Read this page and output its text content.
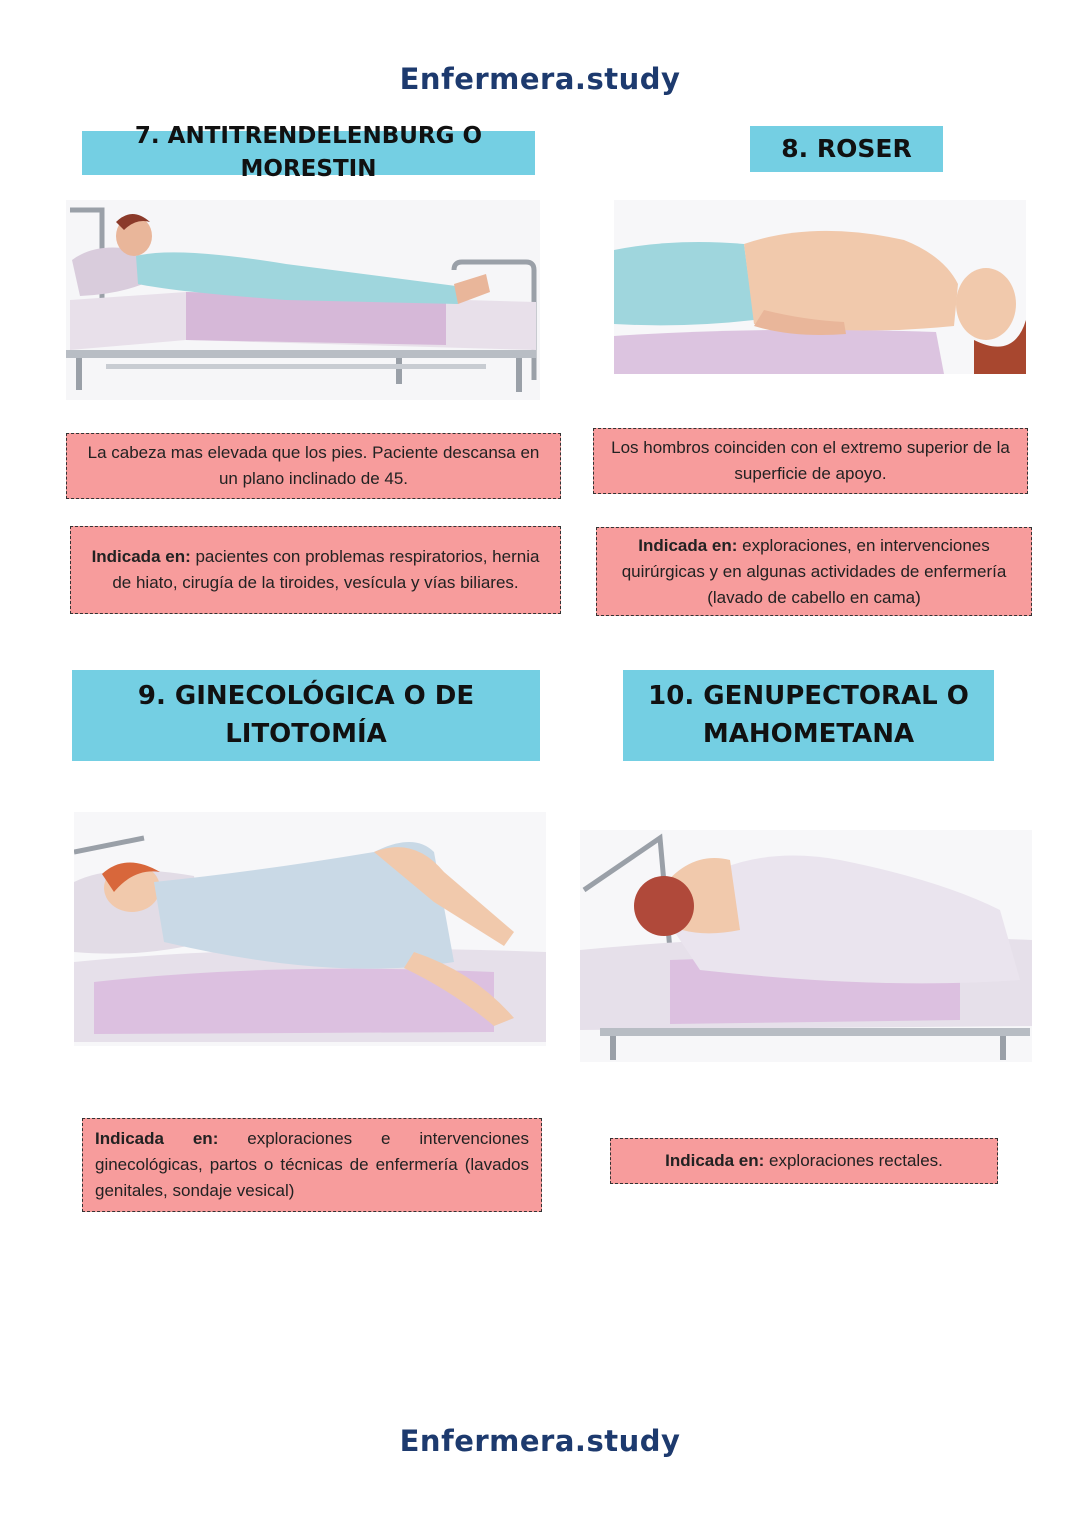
Enfermera.study
7. ANTITRENDELENBURG O MORESTIN
8. ROSER
La cabeza mas elevada que los pies. Paciente descansa en un plano inclinado de 45.
Los hombros coinciden con el extremo superior de la superficie de apoyo.
Indicada en: pacientes con problemas respiratorios, hernia de hiato, cirugía de la tiroides, vesícula y vías biliares.
Indicada en: exploraciones, en intervenciones quirúrgicas y en algunas actividades de enfermería (lavado de cabello en cama)
9. GINECOLÓGICA O DE
LITOTOMÍA
10. GENUPECTORAL O
MAHOMETANA
Indicada en: exploraciones e intervenciones ginecológicas, partos o técnicas de enfermería (lavados genitales, sondaje vesical)
Indicada en: exploraciones rectales.
Enfermera.study
